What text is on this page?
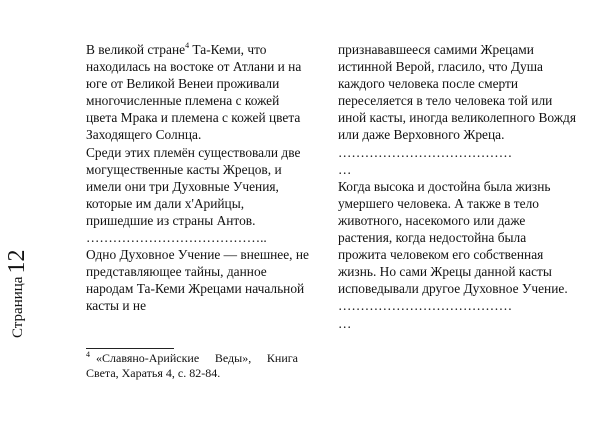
Страница12

В великой стране$^4$ Та-Кеми, что находилась на востоке от Атлани и на юге от Великой Венеи проживали многочисленные племена с кожей цвета Мрака и племена с кожей цвета Заходящего Солнца.

Среди этих племён существовали две могущественные касты Жрецов, и имели они три Духовные Учения, которые им дали х'Арийцы, пришедшие из страны Антов.

…………………………………..

Одно Духовное Учение — внешнее, не представляющее тайны, данное народам Та-Кеми Жрецами начальной касты и не

признававшееся самими Жрецами истинной Верой, гласило, что Душа каждого человека после смерти переселяется в тело человека той или иной касты, иногда великолепного Вождя или даже Верховного Жреца.

…………………………………

…

Когда высока и достойна была жизнь умершего человека. А также в тело животного, насекомого или даже растения, когда недостойна была прожита человеком его собственная жизнь. Но сами Жрецы данной касты исповедывали другое Духовное Учение.

…………………………………

…

$^4$ «Славяно-Арийские Веды», Книга
Света, Харатья 4, с. 82-84.
